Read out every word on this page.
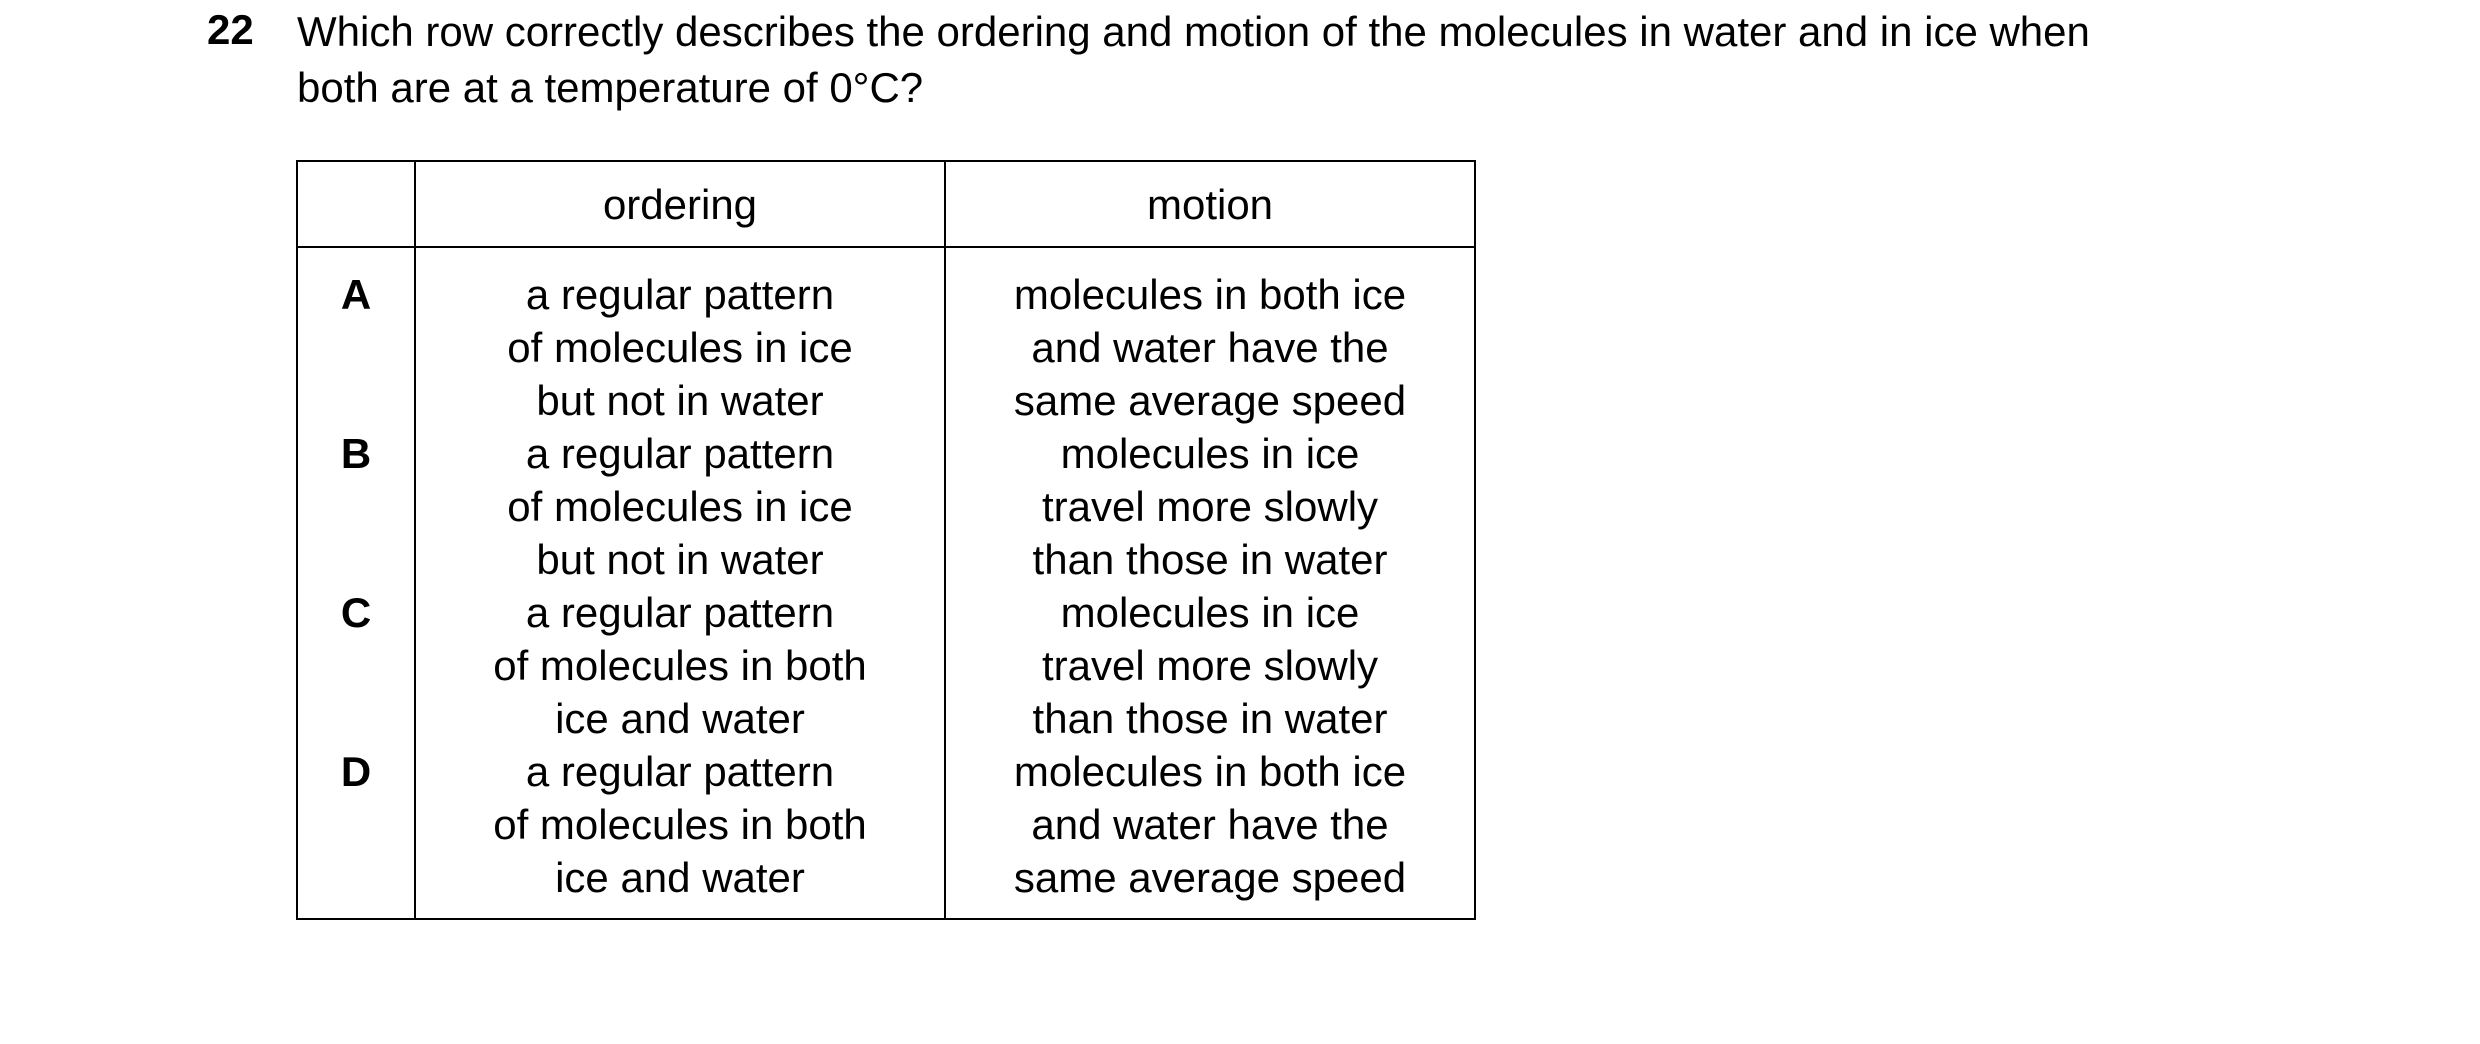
22 Which row correctly describes the ordering and motion of the molecules in water and in ice when
both are at a temperature of 0°C?
	ordering	motion
A	a regular pattern
of molecules in ice
but not in water	molecules in both ice
and water have the
same average speed

B	a regular pattern
of molecules in ice
but not in water	molecules in ice
travel more slowly
than those in water

C	a regular pattern
of molecules in both
ice and water	molecules in ice
travel more slowly
than those in water

D	a regular pattern
of molecules in both
ice and water	molecules in both ice
and water have the
same average speed
